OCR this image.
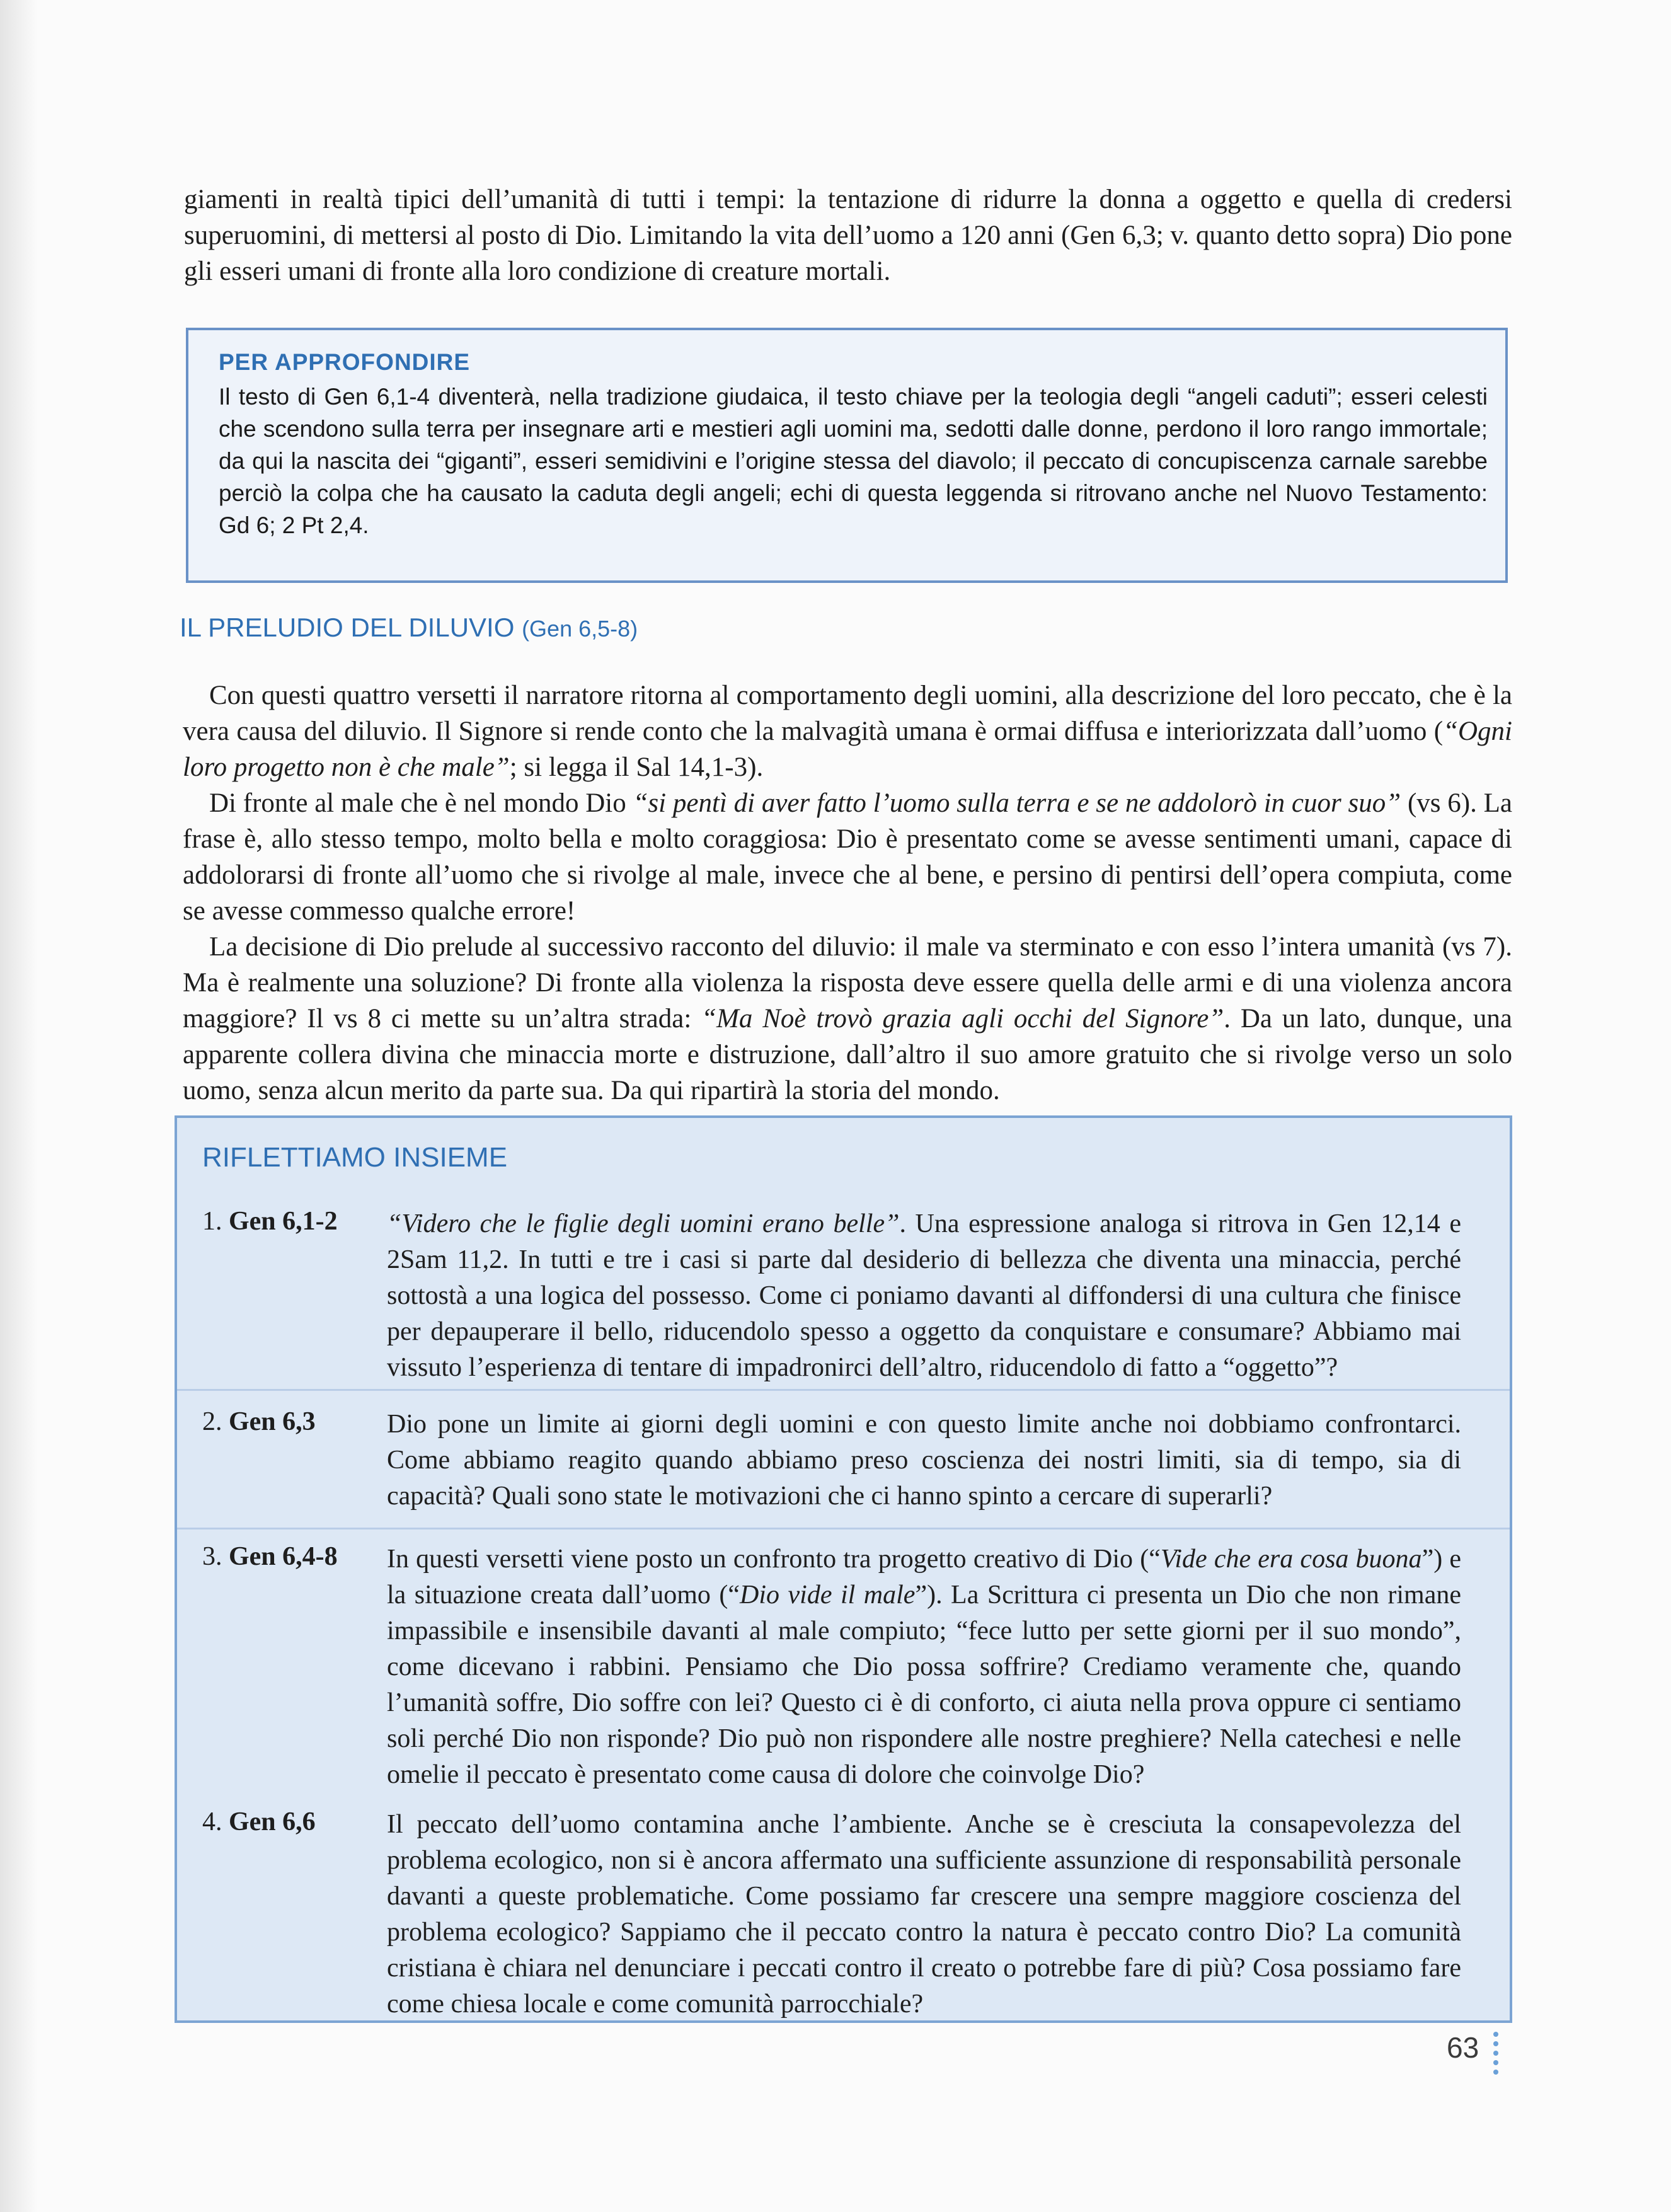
giamenti in realtà tipici dell’umanità di tutti i tempi: la tentazione di ridurre la donna a oggetto e quella di credersi superuomini, di mettersi al posto di Dio. Limitando la vita dell’uomo a 120 anni (Gen 6,3; v. quanto detto sopra) Dio pone gli esseri umani di fronte alla loro condizione di creature mortali.

PER APPROFONDIRE
Il testo di Gen 6,1-4 diventerà, nella tradizione giudaica, il testo chiave per la teologia degli “angeli caduti”; esseri celesti che scendono sulla terra per insegnare arti e mestieri agli uomini ma, sedotti dalle donne, perdono il loro rango immortale; da qui la nascita dei “giganti”, esseri semidivini e l’origine stessa del diavolo; il peccato di concupiscenza carnale sarebbe perciò la colpa che ha causato la caduta degli angeli; echi di questa leggenda si ritrovano anche nel Nuovo Testamento: Gd 6; 2 Pt 2,4.
IL PRELUDIO DEL DILUVIO (Gen 6,5-8)

Con questi quattro versetti il narratore ritorna al comportamento degli uomini, alla descrizione del loro peccato, che è la vera causa del diluvio. Il Signore si rende conto che la malvagità umana è ormai diffusa e interiorizzata dall’uomo (“Ogni loro progetto non è che male”; si legga il Sal 14,1-3).

Di fronte al male che è nel mondo Dio “si pentì di aver fatto l’uomo sulla terra e se ne addolorò in cuor suo” (vs 6). La frase è, allo stesso tempo, molto bella e molto coraggiosa: Dio è presentato come se avesse sentimenti umani, capace di addolorarsi di fronte all’uomo che si rivolge al male, invece che al bene, e persino di pentirsi dell’opera compiuta, come se avesse commesso qualche errore!

La decisione di Dio prelude al successivo racconto del diluvio: il male va sterminato e con esso l’intera umanità (vs 7). Ma è realmente una soluzione? Di fronte alla violenza la risposta deve essere quella delle armi e di una violenza ancora maggiore? Il vs 8 ci mette su un’altra strada: “Ma Noè trovò grazia agli occhi del Signore”. Da un lato, dunque, una apparente collera divina che minaccia morte e distruzione, dall’altro il suo amore gratuito che si rivolge verso un solo uomo, senza alcun merito da parte sua. Da qui ripartirà la storia del mondo.

RIFLETTIAMO INSIEME
1. Gen 6,1-2	“Videro che le figlie degli uomini erano belle”. Una espressione analoga si ritrova in Gen 12,14 e 2Sam 11,2. In tutti e tre i casi si parte dal desiderio di bellezza che diventa una minaccia, perché sottostà a una logica del possesso. Come ci poniamo davanti al diffondersi di una cultura che finisce per depauperare il bello, riducendolo spesso a oggetto da conquistare e consumare? Abbiamo mai vissuto l’esperienza di tentare di impadronirci dell’altro, riducendolo di fatto a “oggetto”?
2. Gen 6,3	Dio pone un limite ai giorni degli uomini e con questo limite anche noi dobbiamo confrontarci. Come abbiamo reagito quando abbiamo preso coscienza dei nostri limiti, sia di tempo, sia di capacità? Quali sono state le motivazioni che ci hanno spinto a cercare di superarli?
3. Gen 6,4-8	In questi versetti viene posto un confronto tra progetto creativo di Dio (“Vide che era cosa buona”) e la situazione creata dall’uomo (“Dio vide il male”). La Scrittura ci presenta un Dio che non rimane impassibile e insensibile davanti al male compiuto; “fece lutto per sette giorni per il suo mondo”, come dicevano i rabbini. Pensiamo che Dio possa soffrire? Crediamo veramente che, quando l’umanità soffre, Dio soffre con lei? Questo ci è di conforto, ci aiuta nella prova oppure ci sentiamo soli perché Dio non risponde? Dio può non rispondere alle nostre preghiere? Nella catechesi e nelle omelie il peccato è presentato come causa di dolore che coinvolge Dio?
4. Gen 6,6	Il peccato dell’uomo contamina anche l’ambiente. Anche se è cresciuta la consapevolezza del problema ecologico, non si è ancora affermato una sufficiente assunzione di responsabilità personale davanti a queste problematiche. Come possiamo far crescere una sempre maggiore coscienza del problema ecologico? Sappiamo che il peccato contro la natura è peccato contro Dio? La comunità cristiana è chiara nel denunciare i peccati contro il creato o potrebbe fare di più? Cosa possiamo fare come chiesa locale e come comunità parrocchiale?
63
